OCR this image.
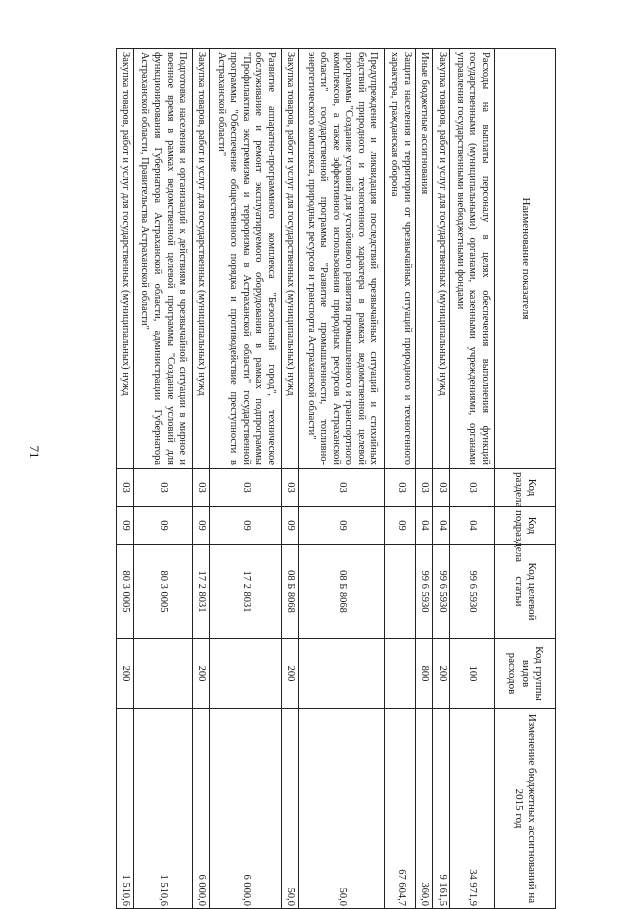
71
Наименование показателя	Код раздела	Код подраздела	Код целевой статьи	Код группы видов расходов	Изменение бюджетных ассигнований на 2015 год
Расходы на выплаты персоналу в целях обеспечения выполнения функций государственными (муниципальными) органами, казенными учреждениями, органами управления государственными внебюджетными фондами	03	04	99 6 5930	100	34 971,9
Закупка товаров, работ и услуг для государственных (муниципальных) нужд	03	04	99 6 5930	200	9 161,5
Иные бюджетные ассигнования	03	04	99 6 5930	800	360,0
Защита населения и территории от чрезвычайных ситуаций природного и техногенного характера, гражданская оборона	03	09			67 604,7
Предупреждение и ликвидация последствий чрезвычайных ситуаций и стихийных бедствий природного и техногенного характера в рамках ведомственной целевой программы "Создание условий для устойчивого развития промышленного и транспортного комплексов, а также эффективного использования природных ресурсов Астраханской области" государственной программы "Развитие промышленности, топливно-энергетического комплекса, природных ресурсов и транспорта Астраханской области"	03	09	08 Б 8068		50,0
Закупка товаров, работ и услуг для государственных (муниципальных) нужд	03	09	08 Б 8068	200	50,0
Развитие аппаратно-программного комплекса "Безопасный город", техническое обслуживание и ремонт эксплуатируемого оборудования в рамках подпрограммы "Профилактика экстремизма и терроризма в Астраханской области" государственной программы "Обеспечение общественного порядка и противодействие преступности в Астраханской области"	03	09	17 2 8031		6 000,0
Закупка товаров, работ и услуг для государственных (муниципальных) нужд	03	09	17 2 8031	200	6 000,0
Подготовка населения и организаций к действиям в чрезвычайной ситуации в мирное и военное время в рамках ведомственной целевой программы "Создание условий для функционирования Губернатора Астраханской области, администрации Губернатора Астраханской области, Правительства Астраханской области"	03	09	80 3 0005		1 510,6
Закупка товаров, работ и услуг для государственных (муниципальных) нужд	03	09	80 3 0005	200	1 510,6
